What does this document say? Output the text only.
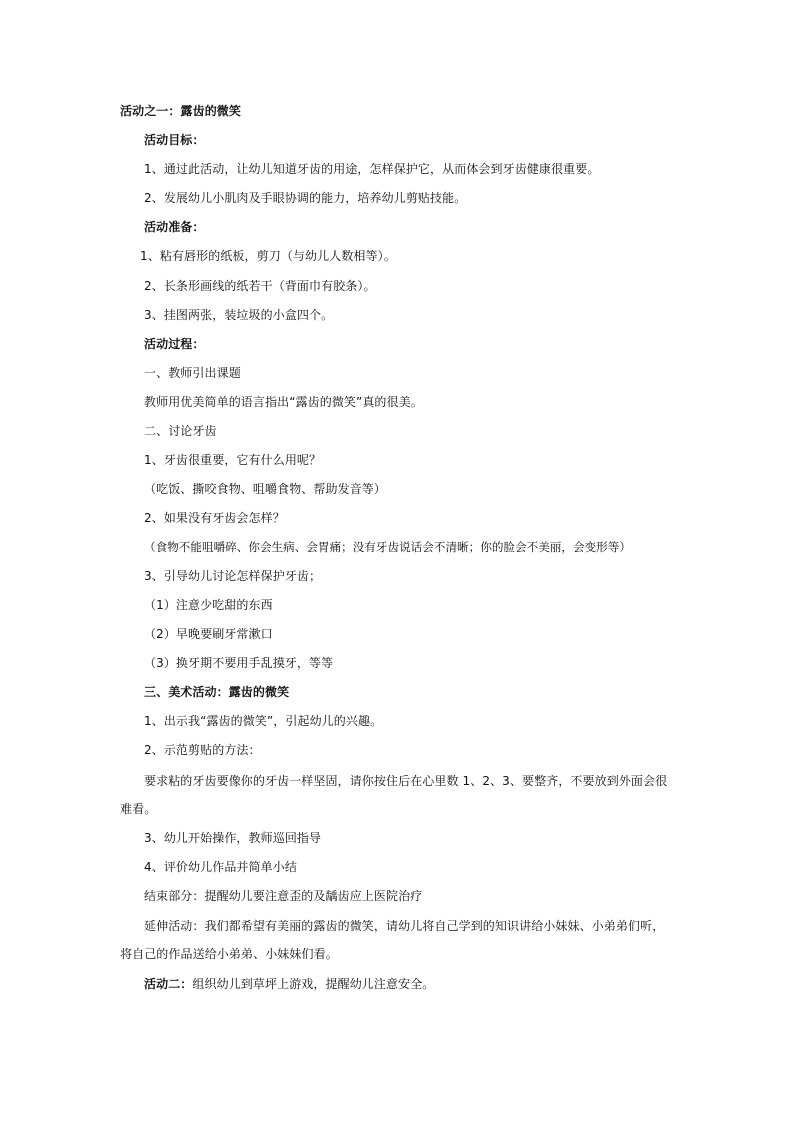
活动之一：露齿的微笑
活动目标：
1、通过此活动，让幼儿知道牙齿的用途，怎样保护它，从而体会到牙齿健康很重要。
2、发展幼儿小肌肉及手眼协调的能力，培养幼儿剪贴技能。
活动准备：
1、粘有唇形的纸板，剪刀（与幼儿人数相等）。
2、长条形画线的纸若干（背面巾有胶条）。
3、挂图两张，装垃圾的小盒四个。
活动过程：
一、教师引出课题
教师用优美简单的语言指出“露齿的微笑”真的很美。
二、讨论牙齿
1、牙齿很重要，它有什么用呢？
（吃饭、撕咬食物、咀嚼食物、帮助发音等）
2、如果没有牙齿会怎样？
（食物不能咀嚼碎、你会生病、会胃痛；没有牙齿说话会不清晰；你的脸会不美丽，会变形等）
3、引导幼儿讨论怎样保护牙齿；
（1）注意少吃甜的东西
（2）早晚要刷牙常漱口
（3）换牙期不要用手乱摸牙，等等
三、美术活动：露齿的微笑
1、出示我“露齿的微笑”，引起幼儿的兴趣。
2、示范剪贴的方法：
要求粘的牙齿要像你的牙齿一样坚固，请你按住后在心里数 1、2、3、要整齐，不要放到外面会很难看。
3、幼儿开始操作，教师巡回指导
4、评价幼儿作品并简单小结
结束部分：提醒幼儿要注意歪的及龋齿应上医院治疗
延伸活动：我们都希望有美丽的露齿的微笑，请幼儿将自己学到的知识讲给小妹妹、小弟弟们听，将自己的作品送给小弟弟、小妹妹们看。
活动二：组织幼儿到草坪上游戏，提醒幼儿注意安全。
